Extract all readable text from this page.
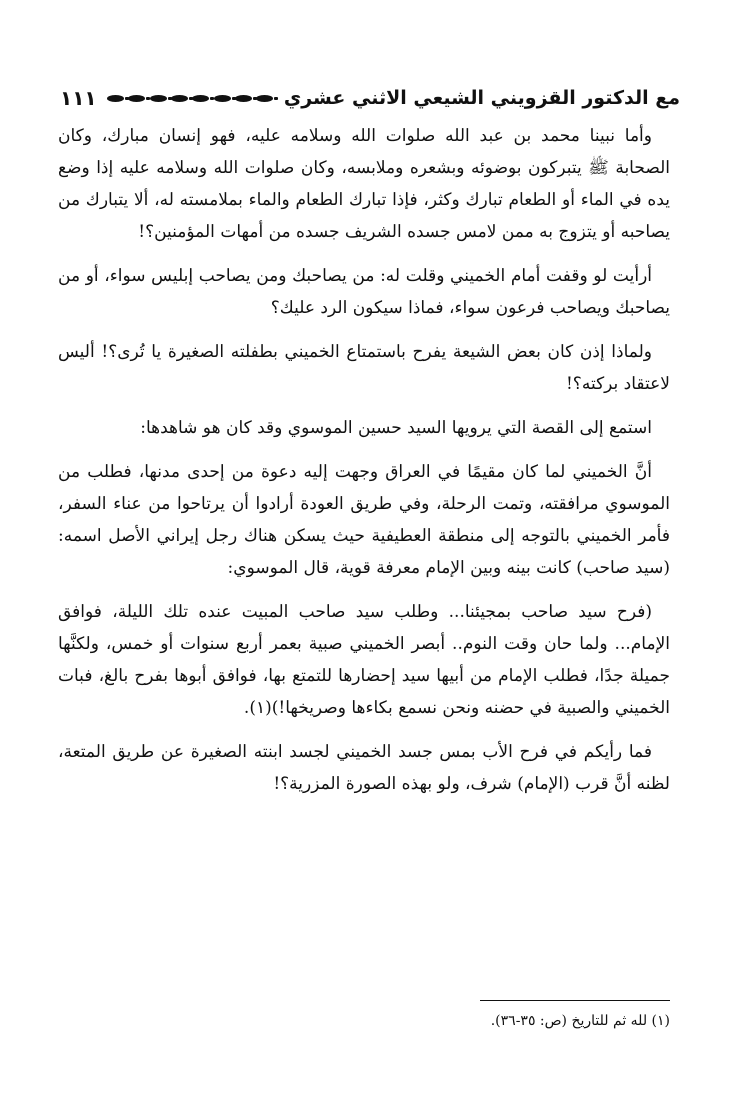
مع الدكتور القزويني الشيعي الاثني عشري
١١١

وأما نبينا محمد بن عبد الله صلوات الله وسلامه عليه، فهو إنسان مبارك، وكان الصحابة ﷺ يتبركون بوضوئه وبشعره وملابسه، وكان صلوات الله وسلامه عليه إذا وضع يده في الماء أو الطعام تبارك وكثر، فإذا تبارك الطعام والماء بملامسته له، ألا يتبارك من يصاحبه أو يتزوج به ممن لامس جسده الشريف جسده من أمهات المؤمنين؟!

أرأيت لو وقفت أمام الخميني وقلت له: من يصاحبك ومن يصاحب إبليس سواء، أو من يصاحبك ويصاحب فرعون سواء، فماذا سيكون الرد عليك؟

ولماذا إذن كان بعض الشيعة يفرح باستمتاع الخميني بطفلته الصغيرة يا تُرى؟! أليس لاعتقاد بركته؟!

استمع إلى القصة التي يرويها السيد حسين الموسوي وقد كان هو شاهدها:

أنَّ الخميني لما كان مقيمًا في العراق وجهت إليه دعوة من إحدى مدنها، فطلب من الموسوي مرافقته، وتمت الرحلة، وفي طريق العودة أرادوا أن يرتاحوا من عناء السفر، فأمر الخميني بالتوجه إلى منطقة العطيفية حيث يسكن هناك رجل إيراني الأصل اسمه: (سيد صاحب) كانت بينه وبين الإمام معرفة قوية، قال الموسوي:

(فرح سيد صاحب بمجيئنا... وطلب سيد صاحب المبيت عنده تلك الليلة، فوافق الإمام... ولما حان وقت النوم.. أبصر الخميني صبية بعمر أربع سنوات أو خمس، ولكنَّها جميلة جدًا، فطلب الإمام من أبيها سيد إحضارها للتمتع بها، فوافق أبوها بفرح بالغ، فبات الخميني والصبية في حضنه ونحن نسمع بكاءها وصريخها!)(١).

فما رأيكم في فرح الأب بمس جسد الخميني لجسد ابنته الصغيرة عن طريق المتعة، لظنه أنَّ قرب (الإمام) شرف، ولو بهذه الصورة المزرية؟!

(١) لله ثم للتاريخ (ص: ٣٥-٣٦).
